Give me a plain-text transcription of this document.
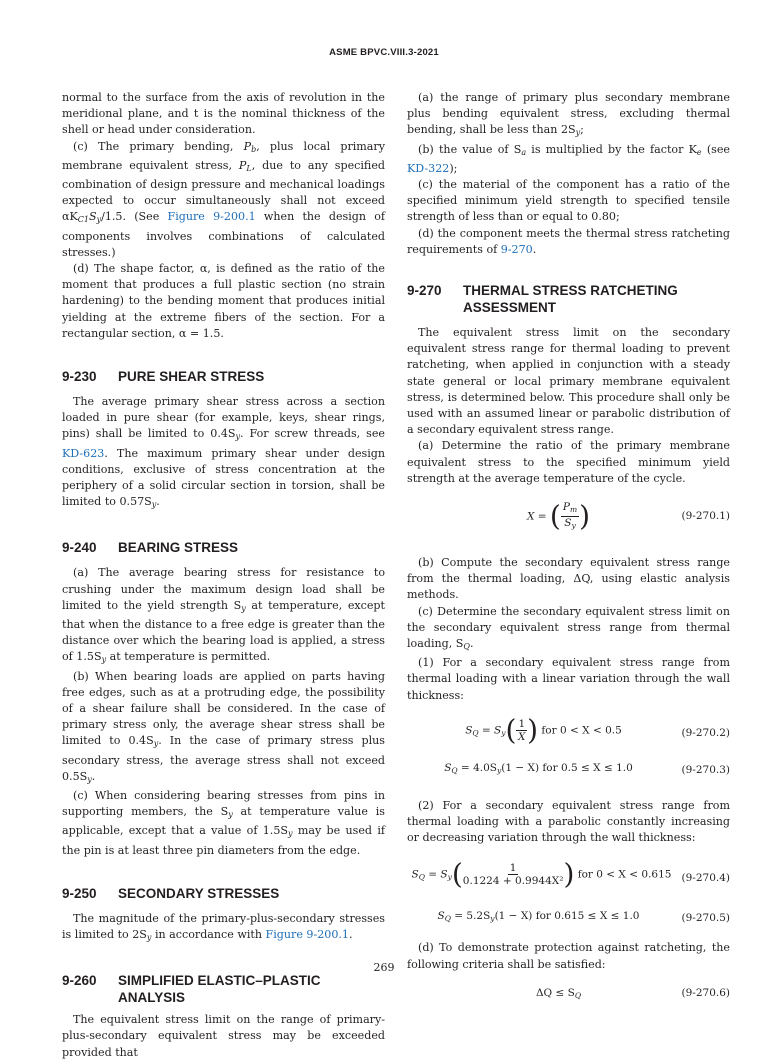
ASME BPVC.VIII.3-2021

normal to the surface from the axis of revolution in the meridional plane, and t is the nominal thickness of the shell or head under consideration.

(c) The primary bending, $P_b$, plus local primary membrane equivalent stress, $P_L$, due to any specified combination of design pressure and mechanical loadings expected to occur simultaneously shall not exceed $\alpha K_{C1}S_y/1.5$. (See Figure 9-200.1 when the design of components involves combinations of calculated stresses.)

(d) The shape factor, α, is defined as the ratio of the moment that produces a full plastic section (no strain hardening) to the bending moment that produces initial yielding at the extreme fibers of the section. For a rectangular section, α = 1.5.

9-230	PURE SHEAR STRESS

The average primary shear stress across a section loaded in pure shear (for example, keys, shear rings, pins) shall be limited to $0.4S_y$. For screw threads, see KD-623. The maximum primary shear under design conditions, exclusive of stress concentration at the periphery of a solid circular section in torsion, shall be limited to $0.57S_y$.

9-240	BEARING STRESS

(a) The average bearing stress for resistance to crushing under the maximum design load shall be limited to the yield strength $S_y$ at temperature, except that when the distance to a free edge is greater than the distance over which the bearing load is applied, a stress of $1.5S_y$ at temperature is permitted.

(b) When bearing loads are applied on parts having free edges, such as at a protruding edge, the possibility of a shear failure shall be considered. In the case of primary stress only, the average shear stress shall be limited to $0.4S_y$. In the case of primary stress plus secondary stress, the average stress shall not exceed $0.5S_y$.

(c) When considering bearing stresses from pins in supporting members, the $S_y$ at temperature value is applicable, except that a value of $1.5S_y$ may be used if the pin is at least three pin diameters from the edge.

9-250	SECONDARY STRESSES

The magnitude of the primary-plus-secondary stresses is limited to $2S_y$ in accordance with Figure 9-200.1.

9-260	SIMPLIFIED ELASTIC–PLASTIC ANALYSIS

The equivalent stress limit on the range of primary-plus-secondary equivalent stress may be exceeded provided that

(a) the range of primary plus secondary membrane plus bending equivalent stress, excluding thermal bending, shall be less than $2S_y$;

(b) the value of $S_a$ is multiplied by the factor $K_e$ (see KD-322);

(c) the material of the component has a ratio of the specified minimum yield strength to specified tensile strength of less than or equal to 0.80;

(d) the component meets the thermal stress ratcheting requirements of 9-270.

9-270	THERMAL STRESS RATCHETING ASSESSMENT

The equivalent stress limit on the secondary equivalent stress range for thermal loading to prevent ratcheting, when applied in conjunction with a steady state general or local primary membrane equivalent stress, is determined below. This procedure shall only be used with an assumed linear or parabolic distribution of a secondary equivalent stress range.

(a) Determine the ratio of the primary membrane equivalent stress to the specified minimum yield strength at the average temperature of the cycle.

X = ( $\frac{P_m}{S_y}$ )	(9-270.1)

(b) Compute the secondary equivalent stress range from the thermal loading, ΔQ, using elastic analysis methods.

(c) Determine the secondary equivalent stress limit on the secondary equivalent stress range from thermal loading, $S_Q$.

(1) For a secondary equivalent stress range from thermal loading with a linear variation through the wall thickness:

$S_Q = S_y( \frac{1}{X}$ ) for 0 < X < 0.5	(9-270.2)
$S_Q = 4.0S_y(1 - X)$ for 0.5 ≤ X ≤ 1.0	(9-270.3)

(2) For a secondary equivalent stress range from thermal loading with a parabolic constantly increasing or decreasing variation through the wall thickness:

$S_Q = S_y( \frac{1}{\text{0.1224 + 0.9944X²}}$ ) for 0 < X < 0.615 (9-270.4)
$S_Q = 5.2S_y(1 - X)$ for 0.615 ≤ X ≤ 1.0	(9-270.5)

(d) To demonstrate protection against ratcheting, the following criteria shall be satisfied:

$\Delta Q \le S_Q$	(9-270.6)
269
